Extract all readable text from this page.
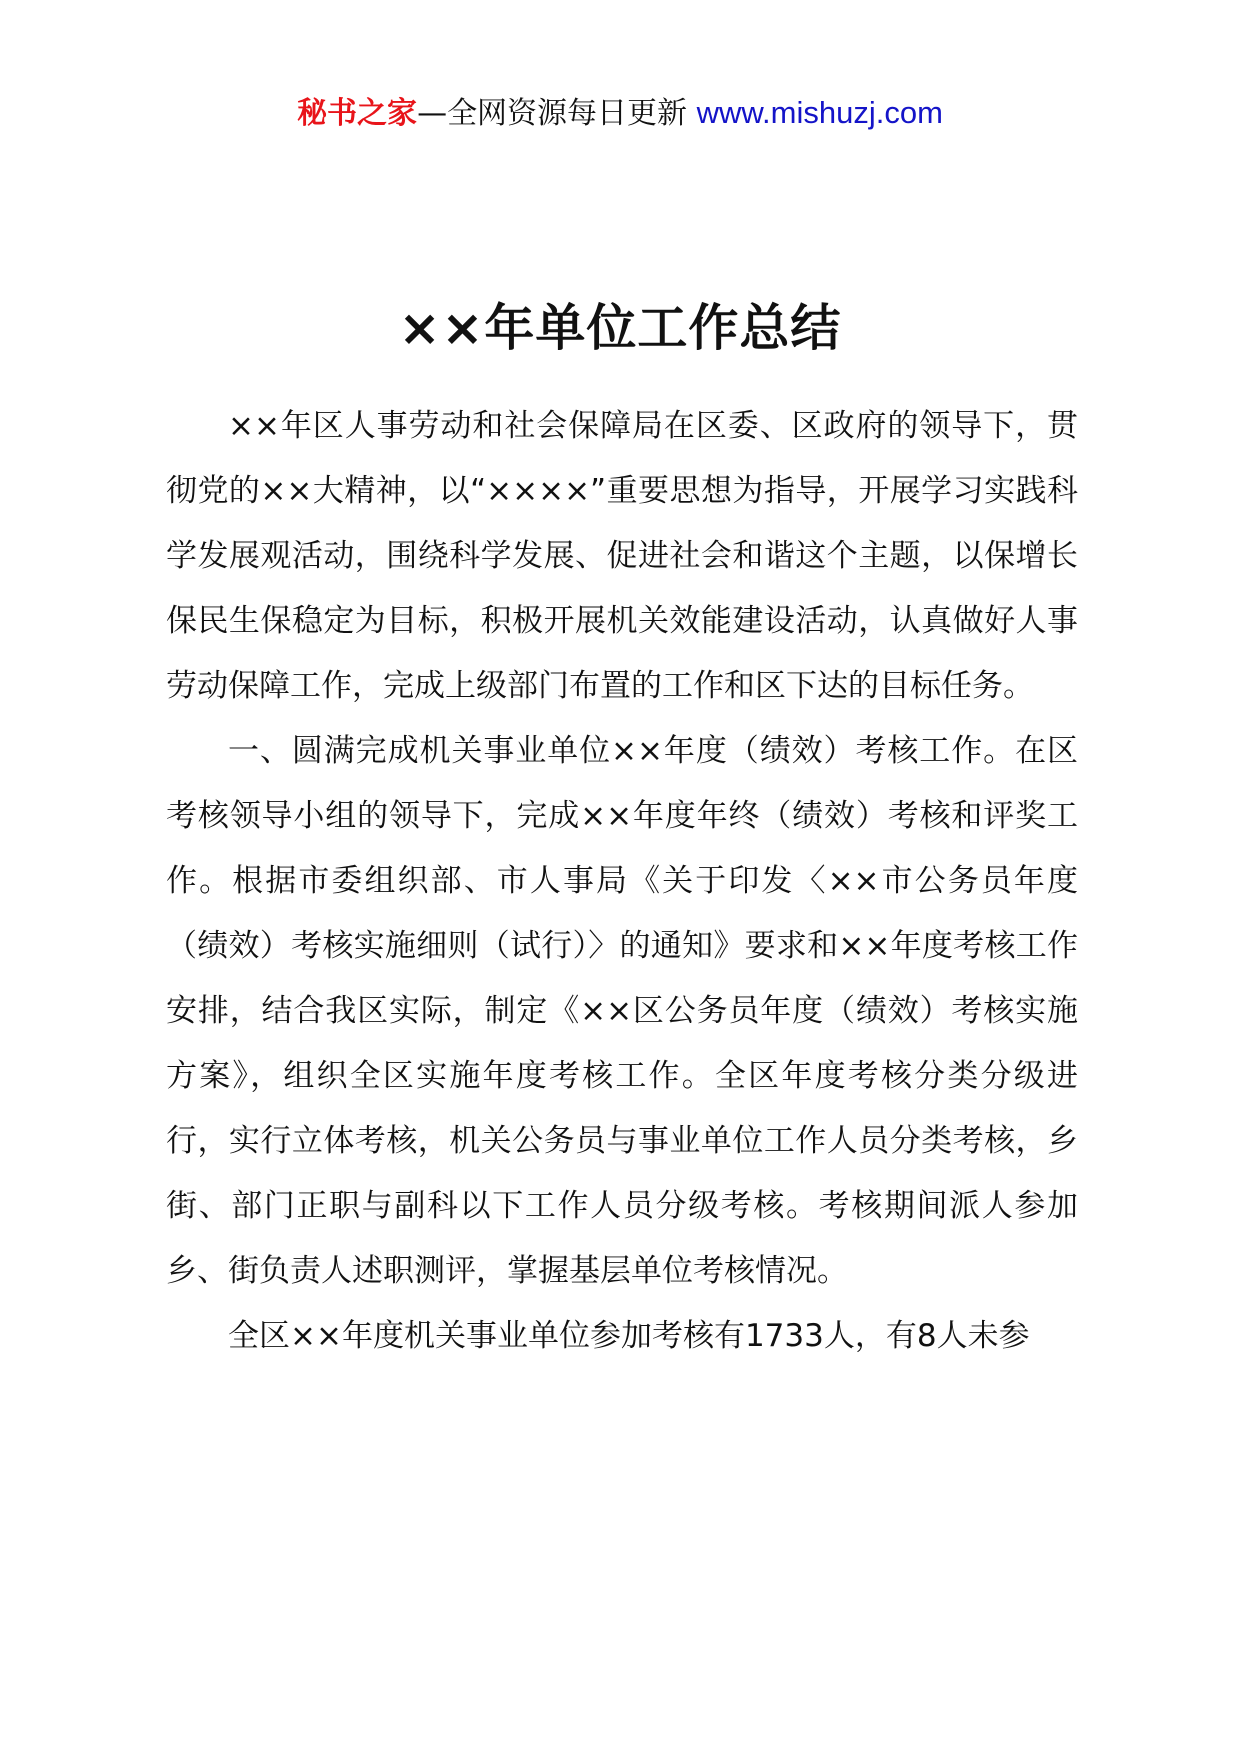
秘书之家—全网资源每日更新 www.mishuzj.com
××年单位工作总结

××年区人事劳动和社会保障局在区委、区政府的领导下，贯彻党的××大精神，以“××××”重要思想为指导，开展学习实践科学发展观活动，围绕科学发展、促进社会和谐这个主题，以保增长保民生保稳定为目标，积极开展机关效能建设活动，认真做好人事劳动保障工作，完成上级部门布置的工作和区下达的目标任务。

一、圆满完成机关事业单位××年度（绩效）考核工作。在区考核领导小组的领导下，完成××年度年终（绩效）考核和评奖工作。根据市委组织部、市人事局《关于印发〈××市公务员年度（绩效）考核实施细则（试行）〉的通知》要求和××年度考核工作安排，结合我区实际，制定《××区公务员年度（绩效）考核实施方案》，组织全区实施年度考核工作。全区年度考核分类分级进行，实行立体考核，机关公务员与事业单位工作人员分类考核，乡街、部门正职与副科以下工作人员分级考核。考核期间派人参加乡、街负责人述职测评，掌握基层单位考核情况。

全区××年度机关事业单位参加考核有1733人，有8人未参
